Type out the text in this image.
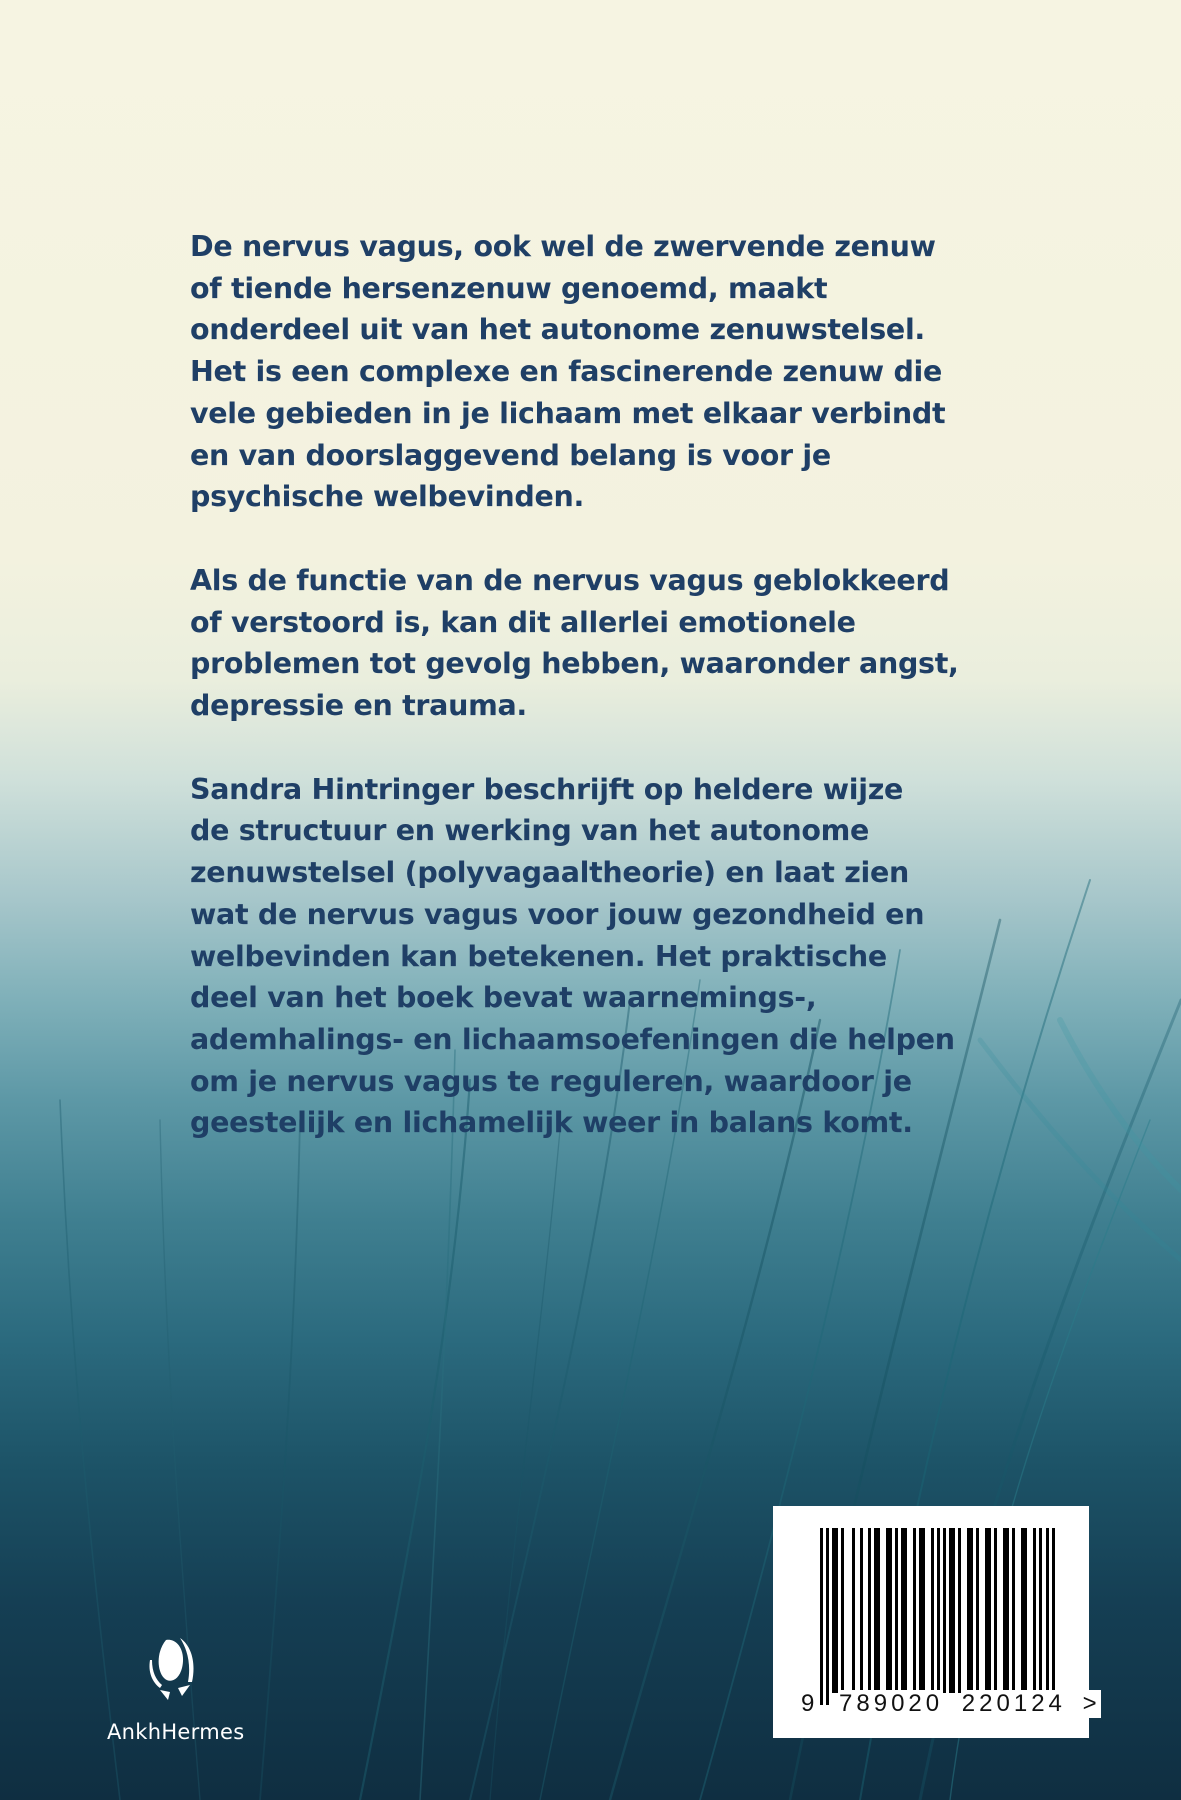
De nervus vagus, ook wel de zwervende zenuw
of tiende hersenzenuw genoemd, maakt
onderdeel uit van het autonome zenuwstelsel.
Het is een complexe en fascinerende zenuw die
vele gebieden in je lichaam met elkaar verbindt
en van doorslaggevend belang is voor je
psychische welbevinden.

Als de functie van de nervus vagus geblokkeerd
of verstoord is, kan dit allerlei emotionele
problemen tot gevolg hebben, waaronder angst,
depressie en trauma.

Sandra Hintringer beschrijft op heldere wijze
de structuur en werking van het autonome
zenuwstelsel (polyvagaaltheorie) en laat zien
wat de nervus vagus voor jouw gezondheid en
welbevinden kan betekenen. Het praktische
deel van het boek bevat waarnemings-,
ademhalings- en lichaamsoefeningen die helpen
om je nervus vagus te reguleren, waardoor je
geestelijk en lichamelijk weer in balans komt.

AnkhHermes
9 789020 220124 >
